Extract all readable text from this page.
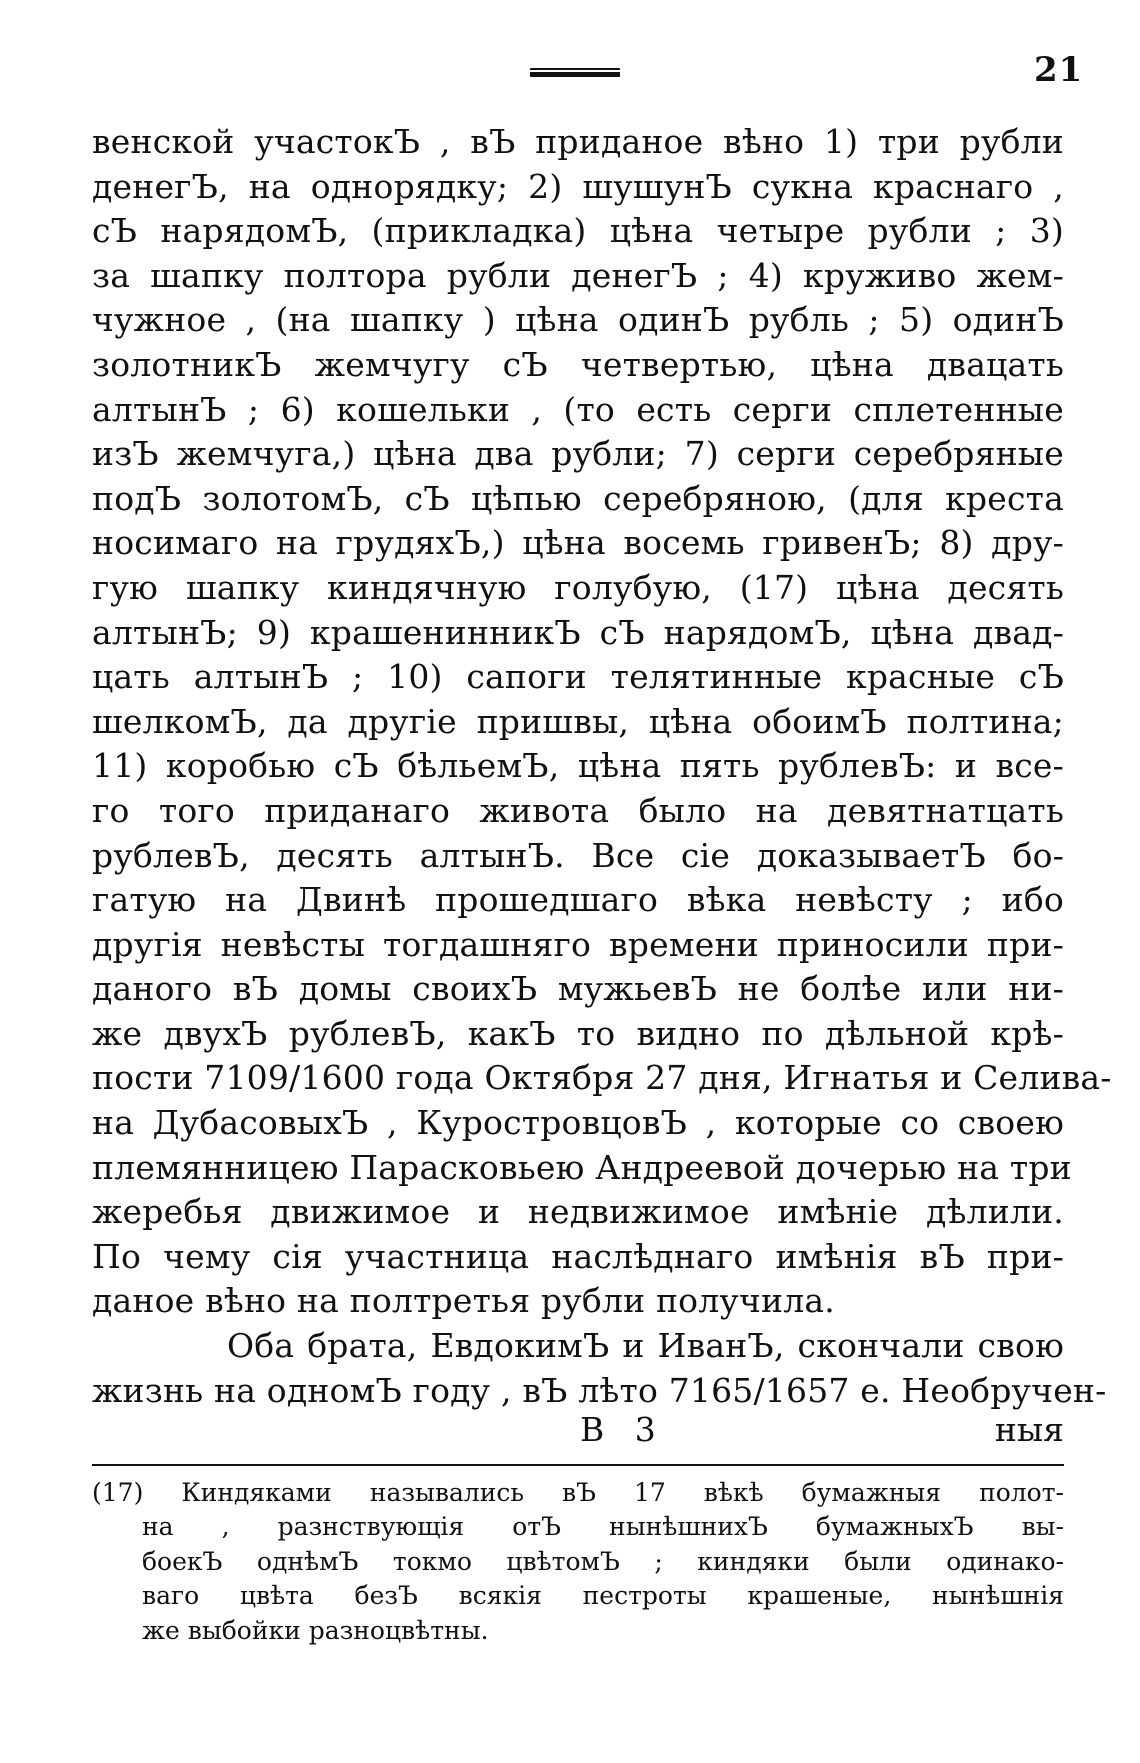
21
венской участокЪ , вЪ приданое вѣно 1) три рубли
денегЪ, на однорядку; 2) шушунЪ сукна краснаго ,
сЪ нарядомЪ, (прикладка) цѣна четыре рубли ; 3)
за шапку полтора рубли денегЪ ; 4) круживо жем-
чужное , (на шапку ) цѣна одинЪ рубль ; 5) одинЪ
золотникЪ жемчугу сЪ четвертью, цѣна двацать
алтынЪ ; 6) кошельки , (то есть серги сплетенные
изЪ жемчуга,) цѣна два рубли; 7) серги серебряные
подЪ золотомЪ, сЪ цѣпью серебряною, (для креста
носимаго на грудяхЪ,) цѣна восемь гривенЪ; 8) дру-
гую шапку киндячную голубую, (17) цѣна десять
алтынЪ; 9) крашенинникЪ сЪ нарядомЪ, цѣна двад-
цать алтынЪ ; 10) сапоги телятинные красные сЪ
шелкомЪ, да другіе пришвы, цѣна обоимЪ полтина;
11) коробью сЪ бѣльемЪ, цѣна пять рублевЪ: и все-
го того приданаго живота было на девятнатцать
рублевЪ, десять алтынЪ. Все сіе доказываетЪ бо-
гатую на Двинѣ прошедшаго вѣка невѣсту ; ибо
другія невѣсты тогдашняго времени приносили при-
даного вЪ домы своихЪ мужьевЪ не болѣе или ни-
же двухЪ рублевЪ, какЪ то видно по дѣльной крѣ-
пости 7109/1600 года Октября 27 дня, Игнатья и Селива-
на ДубасовыхЪ , КуростровцовЪ , которые со своею
племянницею Парасковьею Андреевой дочерью на три
жеребья движимое и недвижимое имѣніе дѣлили.
По чему сія участница наслѣднаго имѣнія вЪ при-
даное вѣно на полтретья рубли получила.
Оба брата, ЕвдокимЪ и ИванЪ, скончали свою
жизнь на одномЪ году , вЪ лѣто 7165/1657 е. Необручен-
В 3	ныя
(17) Киндяками назывались вЪ 17 вѣкѣ бумажныя полот-
на , разнствующія отЪ нынѣшнихЪ бумажныхЪ вы-
боекЪ однѣмЪ токмо цвѣтомЪ ; киндяки были одинако-
ваго цвѣта безЪ всякія пестроты крашеные, нынѣшнія
же выбойки разноцвѣтны.
